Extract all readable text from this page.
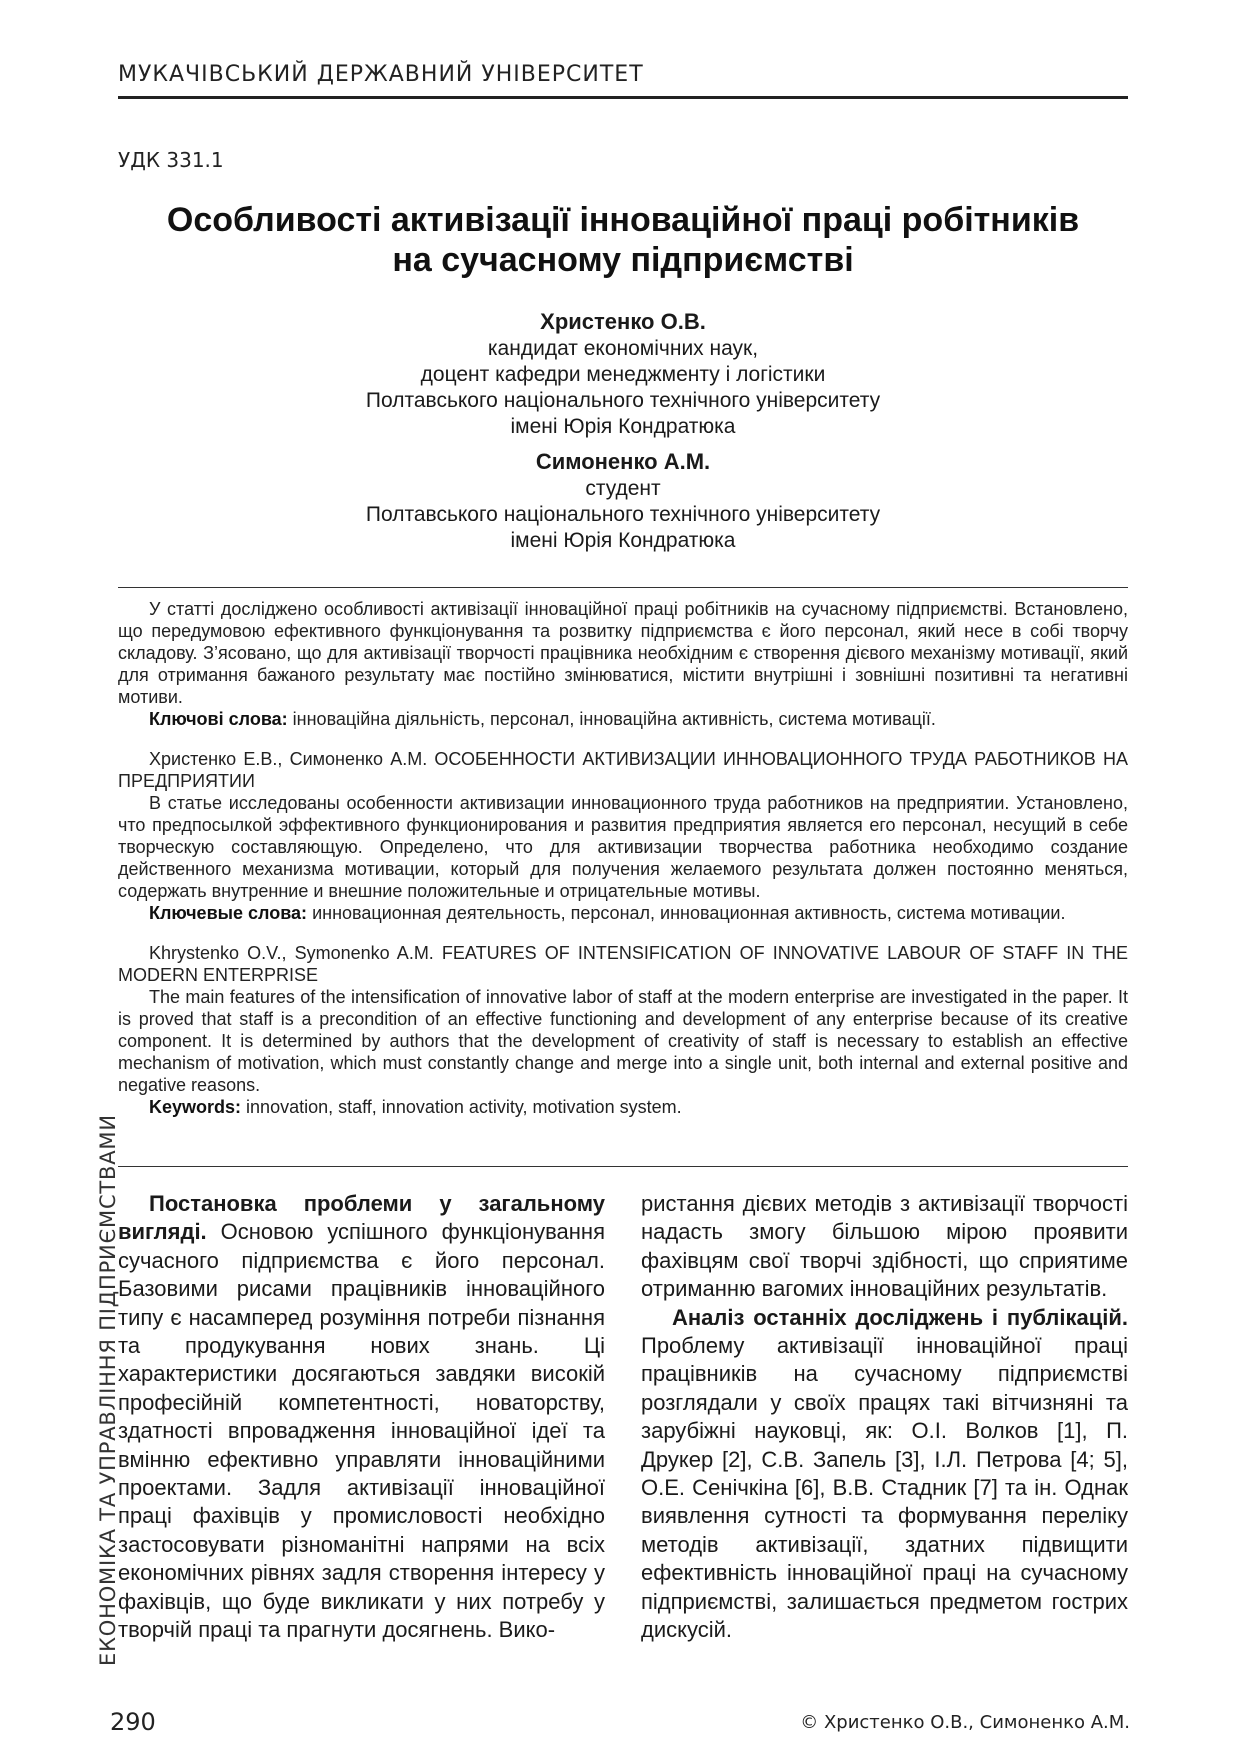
МУКАЧІВСЬКИЙ ДЕРЖАВНИЙ УНІВЕРСИТЕТ
УДК 331.1
Особливості активізації інноваційної праці робітників
на сучасному підприємстві
Христенко О.В.
кандидат економічних наук,
доцент кафедри менеджменту і логістики
Полтавського національного технічного університету
імені Юрія Кондратюка
Симоненко А.М.
студент
Полтавського національного технічного університету
імені Юрія Кондратюка

У статті досліджено особливості активізації інноваційної праці робітників на сучасному підприємстві. Встановлено, що передумовою ефективного функціонування та розвитку підприємства є його персонал, який несе в собі творчу складову. З’ясовано, що для активізації творчості працівника необхідним є створення дієвого механізму мотивації, який для отримання бажаного результату має постійно змінюватися, містити внутрішні і зовнішні позитивні та негативні мотиви.

Ключові слова: інноваційна діяльність, персонал, інноваційна активність, система мотивації.

Христенко Е.В., Симоненко А.М. ОСОБЕННОСТИ АКТИВИЗАЦИИ ИННОВАЦИОННОГО ТРУДА РАБОТНИКОВ НА ПРЕДПРИЯТИИ

В статье исследованы особенности активизации инновационного труда работников на предприятии. Установлено, что предпосылкой эффективного функционирования и развития предприятия является его персонал, несущий в себе творческую составляющую. Определено, что для активизации творчества работника необходимо создание действенного механизма мотивации, который для получения желаемого результата должен постоянно меняться, содержать внутренние и внешние положительные и отрицательные мотивы.

Ключевые слова: инновационная деятельность, персонал, инновационная активность, система мотивации.

Khrystenko O.V., Symonenko A.M. FEATURES OF INTENSIFICATION OF INNOVATIVE LABOUR OF STAFF IN THE MODERN ENTERPRISE

The main features of the intensification of innovative labor of staff at the modern enterprise are investigated in the paper. It is proved that staff is a precondition of an effective functioning and development of any enterprise because of its creative component. It is determined by authors that the development of creativity of staff is necessary to establish an effective mechanism of motivation, which must constantly change and merge into a single unit, both internal and external positive and negative reasons.

Keywords: innovation, staff, innovation activity, motivation system.

Постановка проблеми у загальному вигляді. Основою успішного функціонування сучасного підприємства є його персонал. Базовими рисами працівників інноваційного типу є насамперед розуміння потреби пізнання та продукування нових знань. Ці характеристики досягаються завдяки високій професійній компетентності, новаторству, здатності впровадження інноваційної ідеї та вмінню ефективно управляти інноваційними проектами. Задля активізації інноваційної праці фахівців у промисловості необхідно застосовувати різноманітні напрями на всіх економічних рівнях задля створення інтересу у фахівців, що буде викликати у них потребу у творчій праці та прагнути досягнень. Вико-

ристання дієвих методів з активізації творчості надасть змогу більшою мірою проявити фахівцям свої творчі здібності, що сприятиме отриманню вагомих інноваційних результатів.

Аналіз останніх досліджень і публікацій. Проблему активізації інноваційної праці працівників на сучасному підприємстві розглядали у своїх працях такі вітчизняні та зарубіжні науковці, як: О.І. Волков [1], П. Друкер [2], С.В. Запель [3], І.Л. Петрова [4; 5], О.Е. Сенічкіна [6], В.В. Стадник [7] та ін. Однак виявлення сутності та формування переліку методів активізації, здатних підвищити ефективність інноваційної праці на сучасному підприємстві, залишається предметом гострих дискусій.

ЕКОНОМІКА ТА УПРАВЛІННЯ ПІДПРИЄМСТВАМИ
290	© Христенко О.В., Симоненко А.М.
